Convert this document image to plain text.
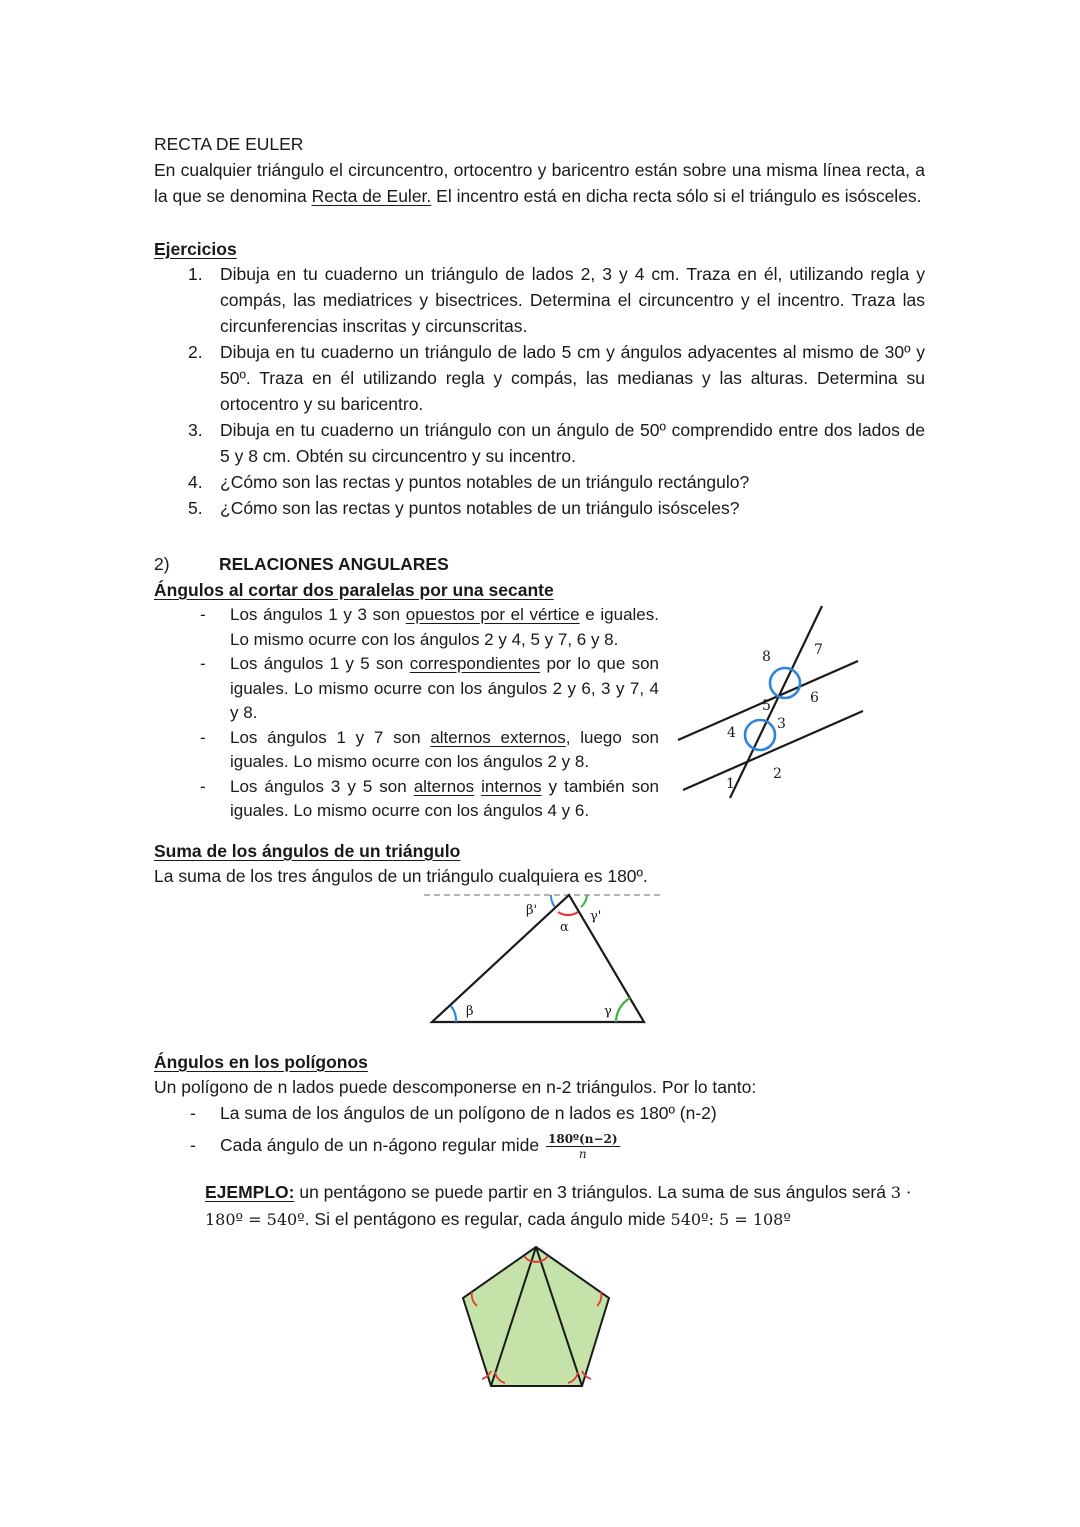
RECTA DE EULER

En cualquier triángulo el circuncentro, ortocentro y baricentro están sobre una misma línea recta, a la que se denomina Recta de Euler. El incentro está en dicha recta sólo si el triángulo es isósceles.

Ejercicios

1. Dibuja en tu cuaderno un triángulo de lados 2, 3 y 4 cm. Traza en él, utilizando regla y compás, las mediatrices y bisectrices. Determina el circuncentro y el incentro. Traza las circunferencias inscritas y circunscritas.
2. Dibuja en tu cuaderno un triángulo de lado 5 cm y ángulos adyacentes al mismo de 30º y 50º. Traza en él utilizando regla y compás, las medianas y las alturas. Determina su ortocentro y su baricentro.
3. Dibuja en tu cuaderno un triángulo con un ángulo de 50º comprendido entre dos lados de 5 y 8 cm. Obtén su circuncentro y su incentro.
4. ¿Cómo son las rectas y puntos notables de un triángulo rectángulo?
5. ¿Cómo son las rectas y puntos notables de un triángulo isósceles?

2)	RELACIONES ANGULARES

Ángulos al cortar dos paralelas por una secante

- Los ángulos 1 y 3 son opuestos por el vértice e iguales. Lo mismo ocurre con los ángulos 2 y 4, 5 y 7, 6 y 8.
- Los ángulos 1 y 5 son correspondientes por lo que son iguales. Lo mismo ocurre con los ángulos 2 y 6, 3 y 7, 4 y 8.
- Los ángulos 1 y 7 son alternos externos, luego son iguales. Lo mismo ocurre con los ángulos 2 y 8.
- Los ángulos 3 y 5 son alternos internos y también son iguales. Lo mismo ocurre con los ángulos 4 y 6.
1
2
3
4
5	6
7
8

Suma de los ángulos de un triángulo

La suma de los tres ángulos de un triángulo cualquiera es 180º.

β'
α
γ'
β	γ

Ángulos en los polígonos

Un polígono de n lados puede descomponerse en n-2 triángulos. Por lo tanto:

- La suma de los ángulos de un polígono de n lados es 180º (n-2)
- Cada ángulo de un n-ágono regular mide $\frac{\text{180º(n−2)}}{n}$

EJEMPLO: un pentágono se puede partir en 3 triángulos. La suma de sus ángulos será 3 · 180º = 540º. Si el pentágono es regular, cada ángulo mide 540º: 5 = 108º
